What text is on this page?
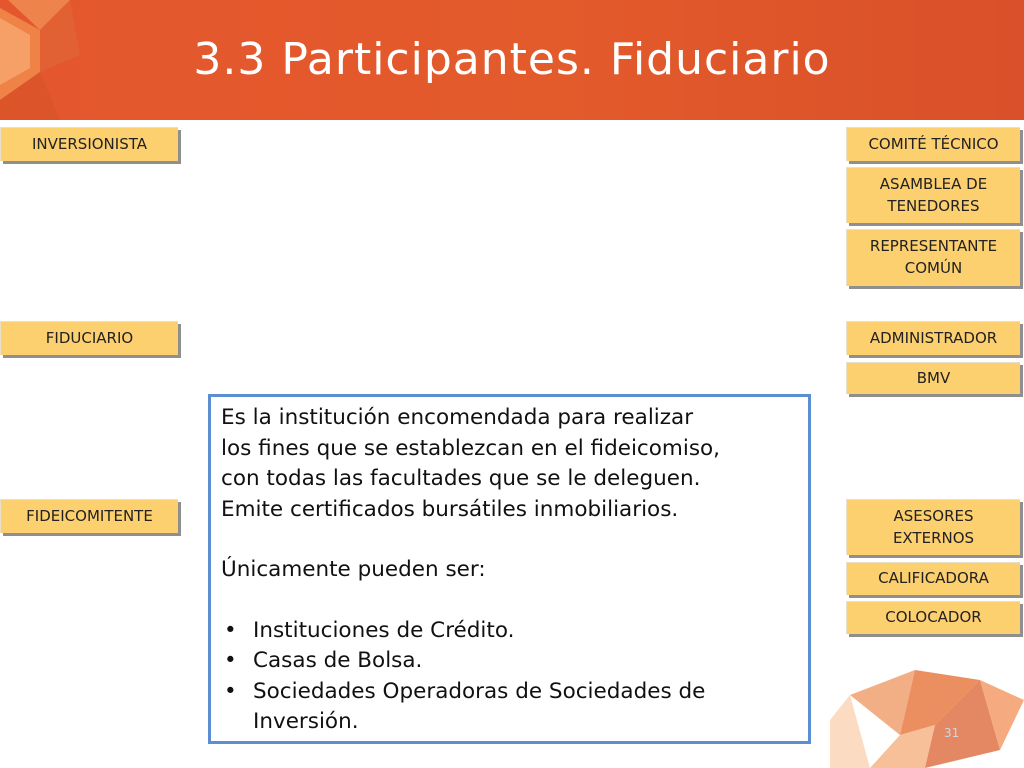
3.3 Participantes. Fiduciario
INVERSIONISTA
FIDUCIARIO
FIDEICOMITENTE
COMITÉ TÉCNICO
ASAMBLEA DE
TENEDORES
REPRESENTANTE
COMÚN
ADMINISTRADOR
BMV
ASESORES
EXTERNOS
CALIFICADORA
COLOCADOR

Es la institución encomendada para realizar

los fines que se establezcan en el fideicomiso,

con todas las facultades que se le deleguen.

Emite certificados bursátiles inmobiliarios.

Únicamente pueden ser:

• Instituciones de Crédito.
• Casas de Bolsa.
• Sociedades Operadoras de Sociedades de Inversión.	31
